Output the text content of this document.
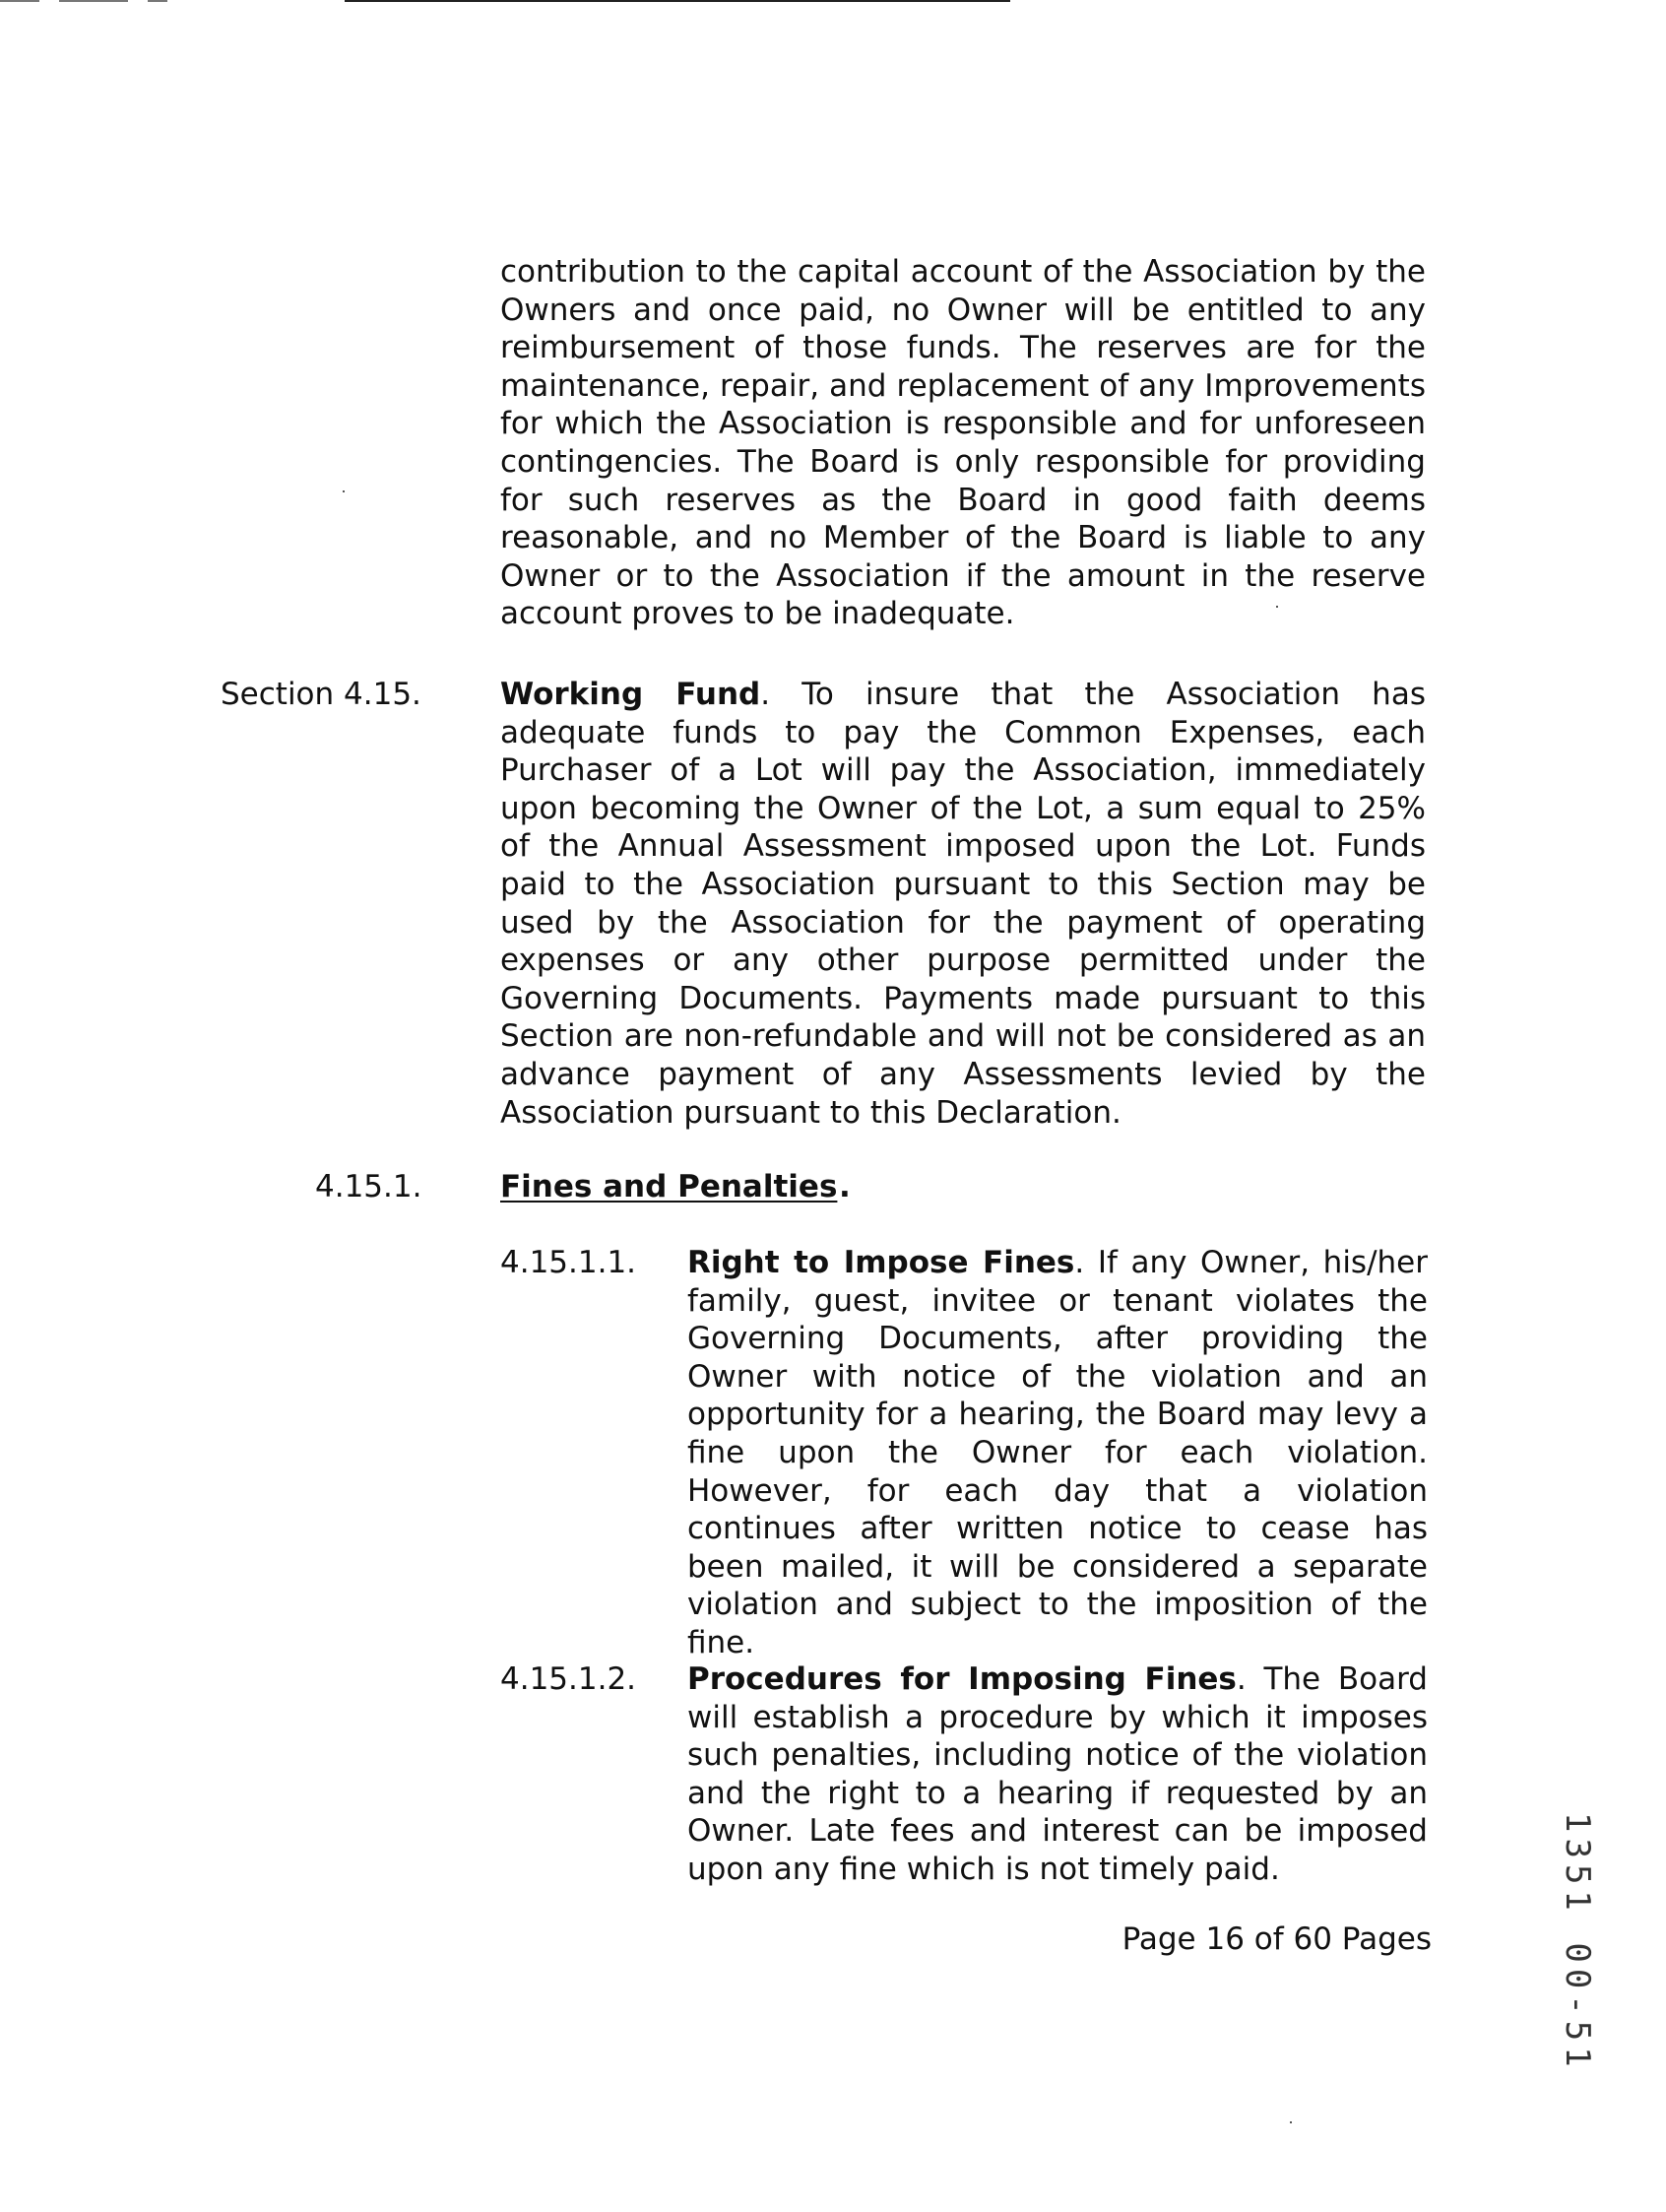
contribution to the capital account of the Association by the Owners and once paid, no Owner will be entitled to any reimbursement of those funds. The reserves are for the maintenance, repair, and replacement of any Improvements for which the Association is responsible and for unforeseen contingencies. The Board is only responsible for providing for such reserves as the Board in good faith deems reasonable, and no Member of the Board is liable to any Owner or to the Association if the amount in the reserve account proves to be inadequate.

Section 4.15.	Working Fund. To insure that the Association has adequate funds to pay the Common Expenses, each Purchaser of a Lot will pay the Association, immediately upon becoming the Owner of the Lot, a sum equal to 25% of the Annual Assessment imposed upon the Lot. Funds paid to the Association pursuant to this Section may be used by the Association for the payment of operating expenses or any other purpose permitted under the Governing Documents. Payments made pursuant to this Section are non-refundable and will not be considered as an advance payment of any Assessments levied by the Association pursuant to this Declaration.

4.15.1.	Fines and Penalties .

4.15.1.1. Right to Impose Fines. If any Owner, his/her family, guest, invitee or tenant violates the Governing Documents, after providing the Owner with notice of the violation and an opportunity for a hearing, the Board may levy a fine upon the Owner for each violation. However, for each day that a violation continues after written notice to cease has been mailed, it will be considered a separate violation and subject to the imposition of the fine.

4.15.1.2. Procedures for Imposing Fines. The Board will establish a procedure by which it imposes such penalties, including notice of the violation and the right to a hearing if requested by an Owner. Late fees and interest can be imposed upon any fine which is not timely paid.

Page 16 of 60 Pages	1351 00-51
